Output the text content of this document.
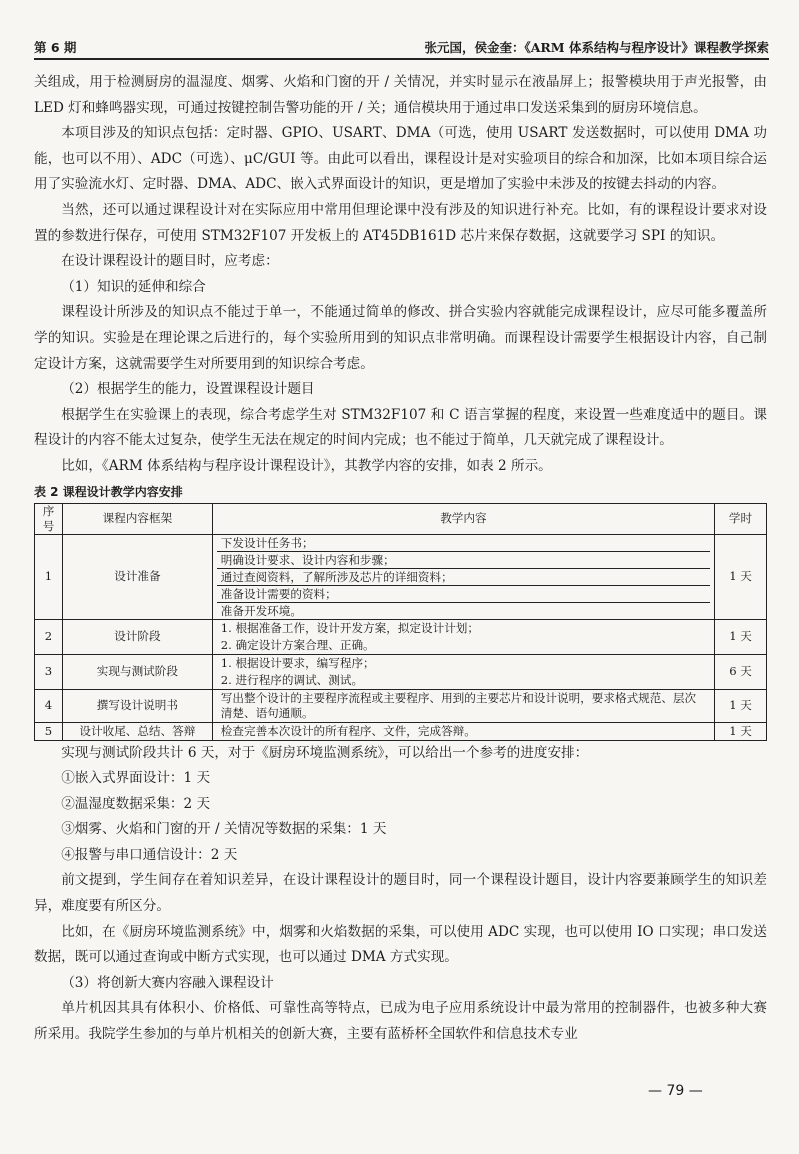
第 6 期	张元国，侯金奎：《ARM 体系结构与程序设计》课程教学探索

关组成，用于检测厨房的温湿度、烟雾、火焰和门窗的开 / 关情况，并实时显示在液晶屏上；报警模块用于声光报警，由 LED 灯和蜂鸣器实现，可通过按键控制告警功能的开 / 关；通信模块用于通过串口发送采集到的厨房环境信息。

本项目涉及的知识点包括：定时器、GPIO、USART、DMA（可选，使用 USART 发送数据时，可以使用 DMA 功能，也可以不用）、ADC（可选）、μC/GUI 等。由此可以看出，课程设计是对实验项目的综合和加深，比如本项目综合运用了实验流水灯、定时器、DMA、ADC、嵌入式界面设计的知识，更是增加了实验中未涉及的按键去抖动的内容。

当然，还可以通过课程设计对在实际应用中常用但理论课中没有涉及的知识进行补充。比如，有的课程设计要求对设置的参数进行保存，可使用 STM32F107 开发板上的 AT45DB161D 芯片来保存数据，这就要学习 SPI 的知识。

在设计课程设计的题目时，应考虑：

（1）知识的延伸和综合

课程设计所涉及的知识点不能过于单一，不能通过简单的修改、拼合实验内容就能完成课程设计，应尽可能多覆盖所学的知识。实验是在理论课之后进行的，每个实验所用到的知识点非常明确。而课程设计需要学生根据设计内容，自己制定设计方案，这就需要学生对所要用到的知识综合考虑。

（2）根据学生的能力，设置课程设计题目

根据学生在实验课上的表现，综合考虑学生对 STM32F107 和 C 语言掌握的程度，来设置一些难度适中的题目。课程设计的内容不能太过复杂，使学生无法在规定的时间内完成；也不能过于简单，几天就完成了课程设计。

比如，《ARM 体系结构与程序设计课程设计》，其教学内容的安排，如表 2 所示。

表 2 课程设计教学内容安排
序号	课程内容框架	教学内容	学时
1	设计准备	下发设计任务书；
明确设计要求、设计内容和步骤；
通过查阅资料，了解所涉及芯片的详细资料；
准备设计需要的资料；
准备开发环境。	1 天
2	设计阶段	1. 根据准备工作，设计开发方案，拟定设计计划；
2. 确定设计方案合理、正确。	1 天
3	实现与测试阶段	1. 根据设计要求，编写程序；
2. 进行程序的调试、测试。	6 天
4	撰写设计说明书	写出整个设计的主要程序流程或主要程序、用到的主要芯片和设计说明，要求格式规范、层次清楚、语句通顺。	1 天
5	设计收尾、总结、答辩	检查完善本次设计的所有程序、文件，完成答辩。	1 天

实现与测试阶段共计 6 天，对于《厨房环境监测系统》，可以给出一个参考的进度安排：

①嵌入式界面设计：1 天

②温湿度数据采集：2 天

③烟雾、火焰和门窗的开 / 关情况等数据的采集：1 天

④报警与串口通信设计：2 天

前文提到，学生间存在着知识差异，在设计课程设计的题目时，同一个课程设计题目，设计内容要兼顾学生的知识差异，难度要有所区分。

比如，在《厨房环境监测系统》中，烟雾和火焰数据的采集，可以使用 ADC 实现，也可以使用 IO 口实现；串口发送数据，既可以通过查询或中断方式实现，也可以通过 DMA 方式实现。

（3）将创新大赛内容融入课程设计

单片机因其具有体积小、价格低、可靠性高等特点，已成为电子应用系统设计中最为常用的控制器件，也被多种大赛所采用。我院学生参加的与单片机相关的创新大赛，主要有蓝桥杯全国软件和信息技术专业

— 79 —
